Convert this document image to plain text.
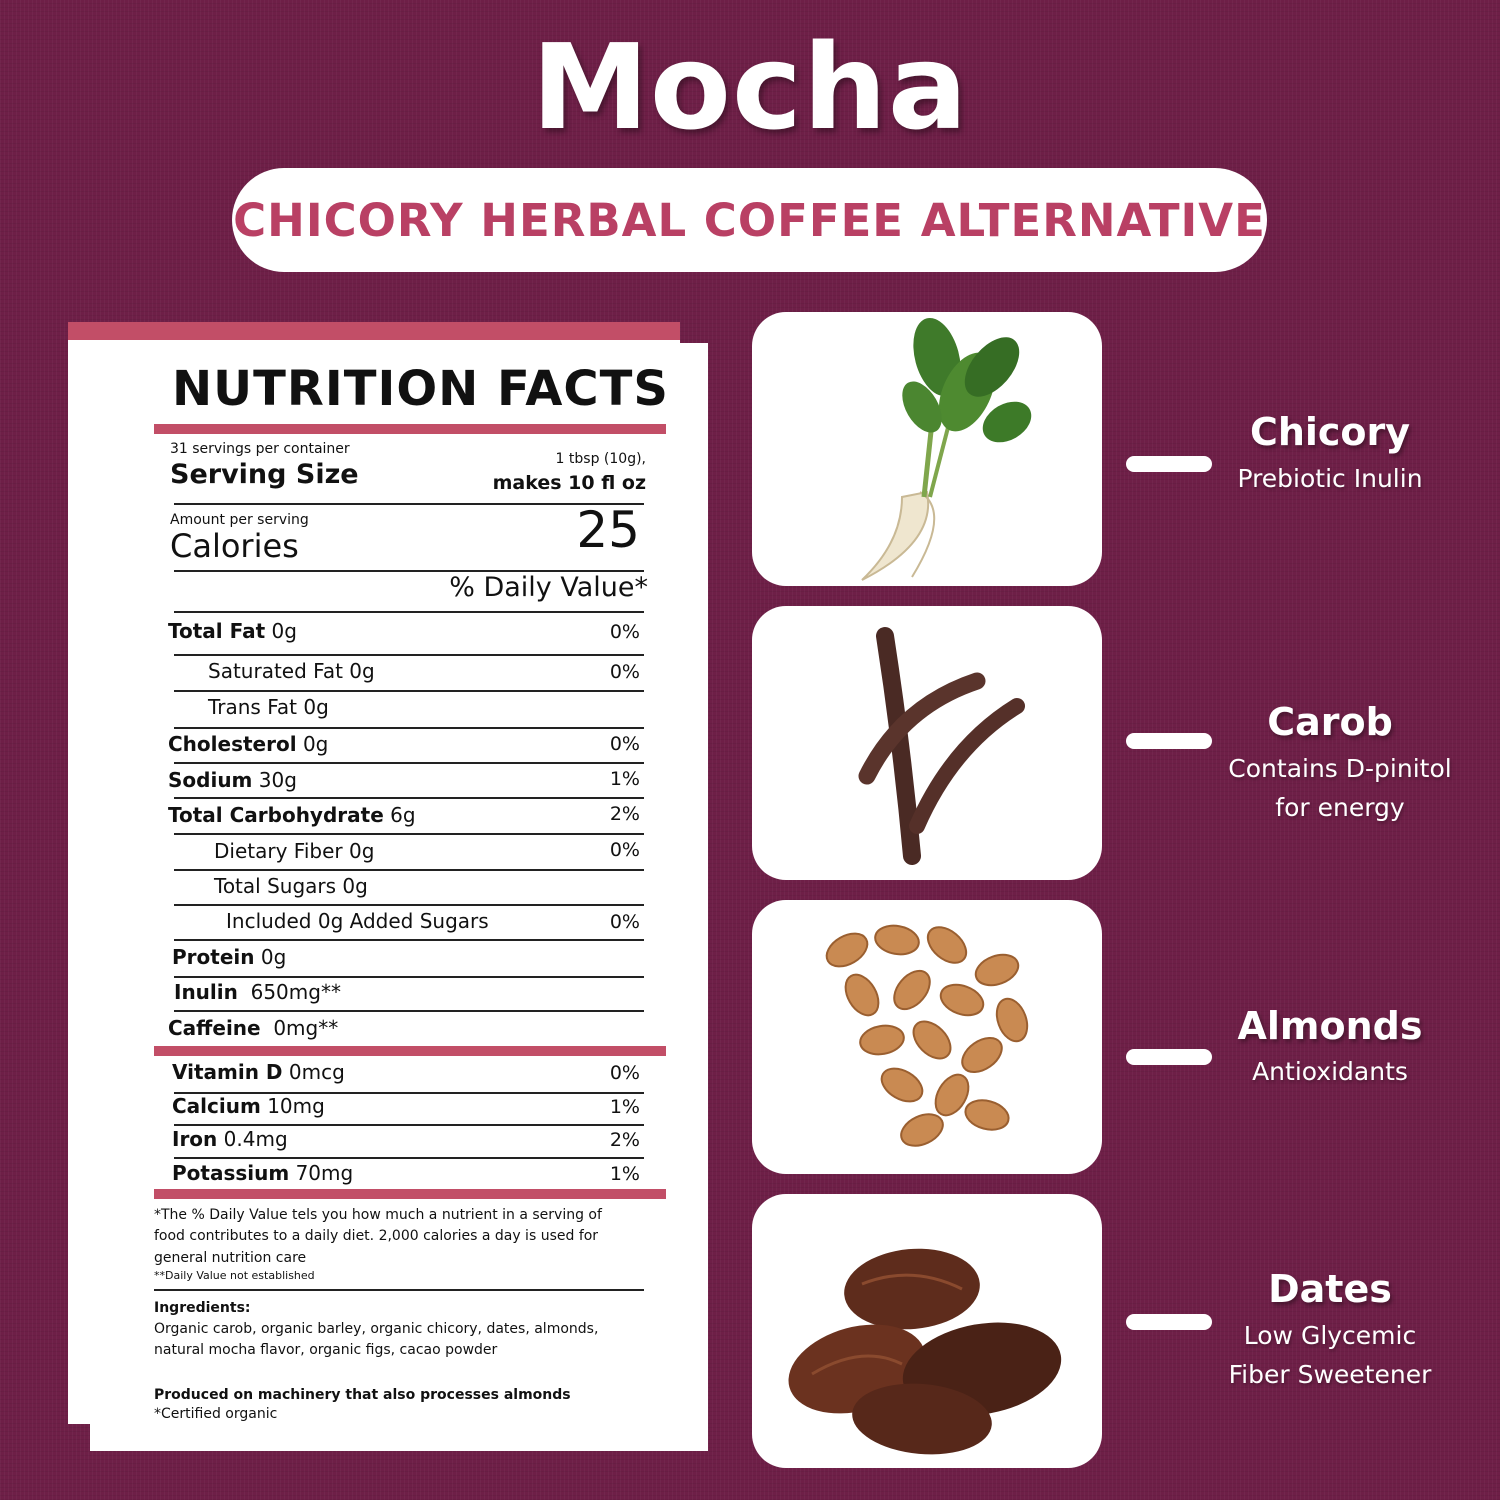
Mocha
CHICORY HERBAL COFFEE ALTERNATIVE
NUTRITION FACTS
31 servings per container
Serving Size	1 tbsp (10g),
makes 10 fl oz
Amount per serving
Calories	25
% Daily Value*
Total Fat 0g	0%
Saturated Fat 0g	0%
Trans Fat 0g
Cholesterol 0g	0%
Sodium 30g	1%
Total Carbohydrate 6g	2%
Dietary Fiber 0g	0%
Total Sugars 0g
Included 0g Added Sugars	0%
Protein 0g
Inulin 650mg**
Caffeine 0mg**
Vitamin D 0mcg	0%
Calcium 10mg	1%
Iron 0.4mg	2%
Potassium 70mg	1%
*The % Daily Value tels you how much a nutrient in a serving of
food contributes to a daily diet. 2,000 calories a day is used for
general nutrition care
**Daily Value not established
Ingredients:
Organic carob, organic barley, organic chicory, dates, almonds,
natural mocha flavor, organic figs, cacao powder
Produced on machinery that also processes almonds
*Certified organic
Chicory
Prebiotic Inulin
Carob
Contains D-pinitol
for energy
Almonds
Antioxidants
Dates
Low Glycemic
Fiber Sweetener
